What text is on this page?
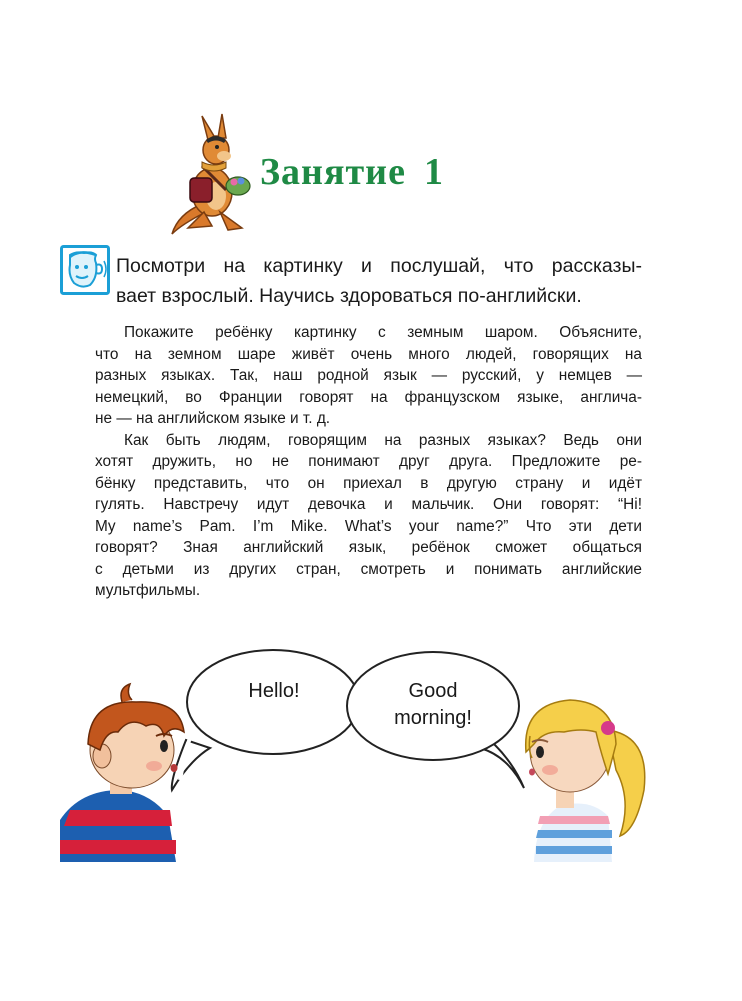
Занятие 1
Посмотри на картинку и послушай, что рассказы-
вает взрослый. Научись здороваться по-английски.

Покажите ребёнку картинку с земным шаром. Объясните,
что на земном шаре живёт очень много людей, говорящих на
разных языках. Так, наш родной язык — русский, у немцев —
немецкий, во Франции говорят на французском языке, англича-
не — на английском языке и т. д.

Как быть людям, говорящим на разных языках? Ведь они
хотят дружить, но не понимают друг друга. Предложите ре-
бёнку представить, что он приехал в другую страну и идёт
гулять. Навстречу идут девочка и мальчик. Они говорят: “Hi!
My name’s Pam. I’m Mike. What’s your name?” Что эти дети
говорят? Зная английский язык, ребёнок сможет общаться
с детьми из других стран, смотреть и понимать английские
мультфильмы.

Hello!	Good
morning!
